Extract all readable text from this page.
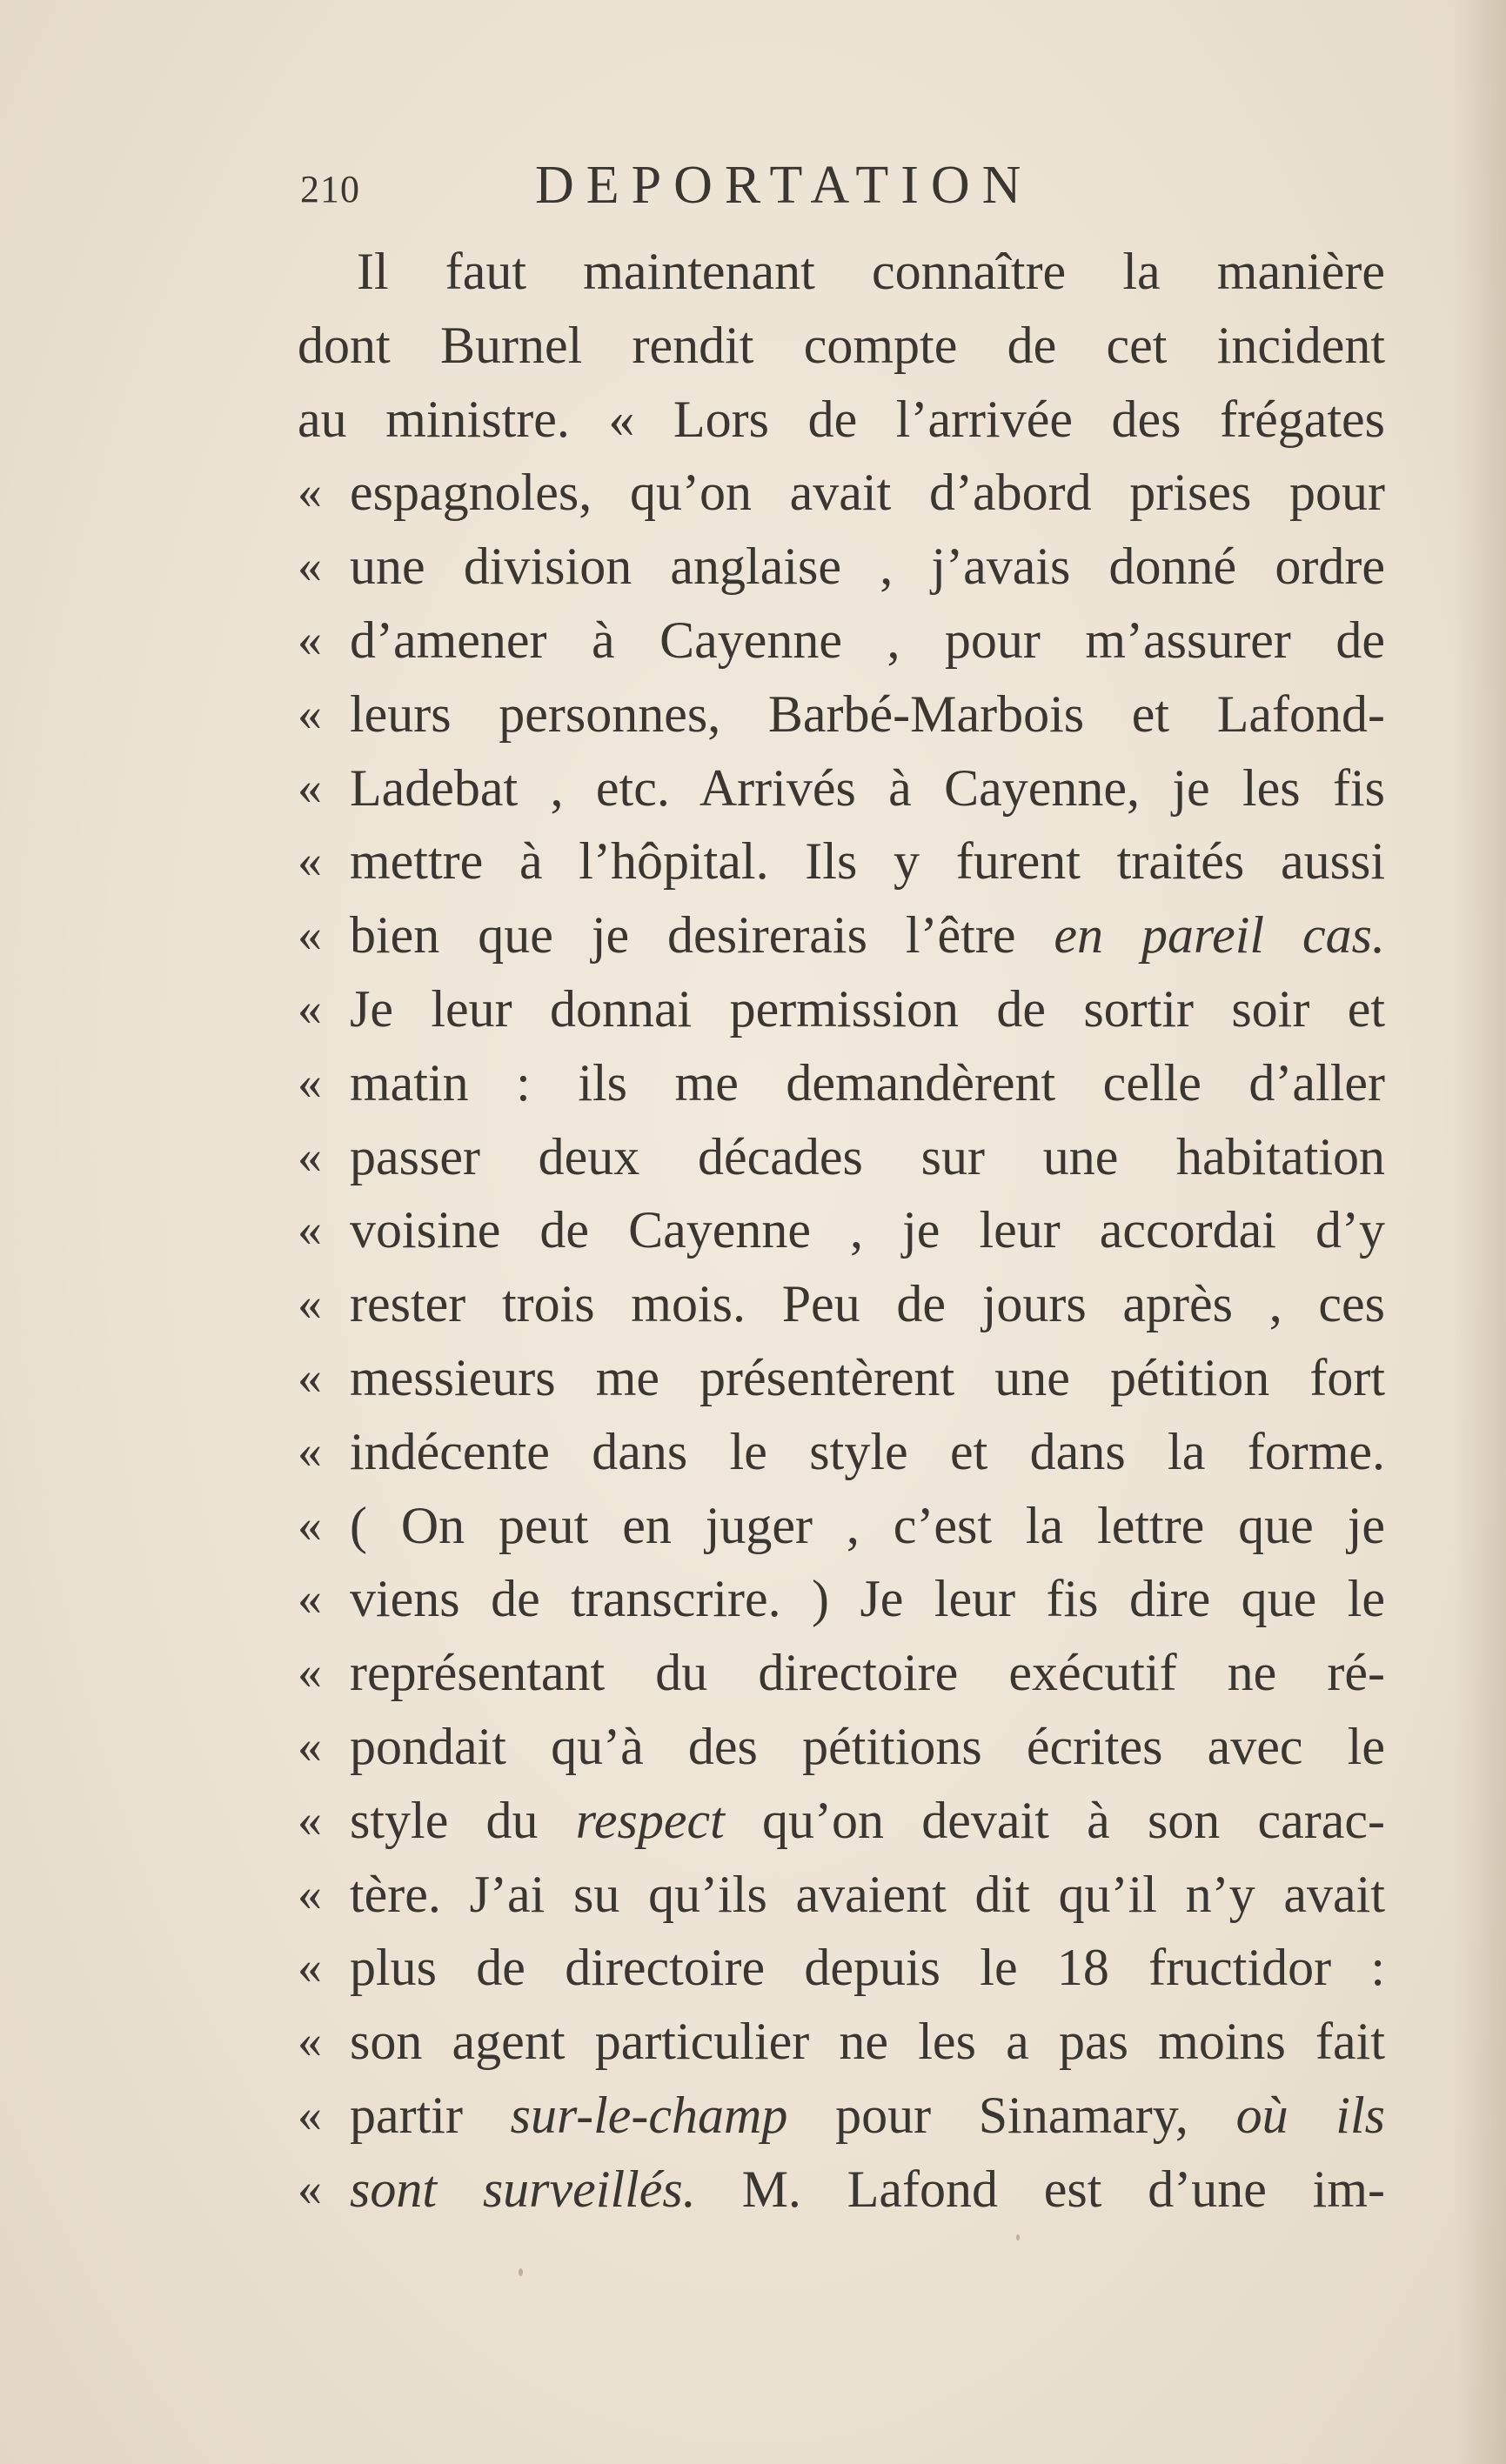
210	DEPORTATION
Il faut maintenant connaître la manière
dont Burnel rendit compte de cet incident
au ministre. « Lors de l’arrivée des frégates
« espagnoles, qu’on avait d’abord prises pour
« une division anglaise , j’avais donné ordre
« d’amener à Cayenne , pour m’assurer de
« leurs personnes, Barbé-Marbois et Lafond-
« Ladebat , etc. Arrivés à Cayenne, je les fis
« mettre à l’hôpital. Ils y furent traités aussi
« bien que je desirerais l’être en pareil cas.
« Je leur donnai permission de sortir soir et
« matin : ils me demandèrent celle d’aller
« passer deux décades sur une habitation
« voisine de Cayenne , je leur accordai d’y
« rester trois mois. Peu de jours après , ces
« messieurs me présentèrent une pétition fort
« indécente dans le style et dans la forme.
« ( On peut en juger , c’est la lettre que je
« viens de transcrire. ) Je leur fis dire que le
« représentant du directoire exécutif ne ré-
« pondait qu’à des pétitions écrites avec le
« style du respect qu’on devait à son carac-
« tère. J’ai su qu’ils avaient dit qu’il n’y avait
« plus de directoire depuis le 18 fructidor :
« son agent particulier ne les a pas moins fait
« partir sur-le-champ pour Sinamary, où ils
« sont surveillés. M. Lafond est d’une im-
